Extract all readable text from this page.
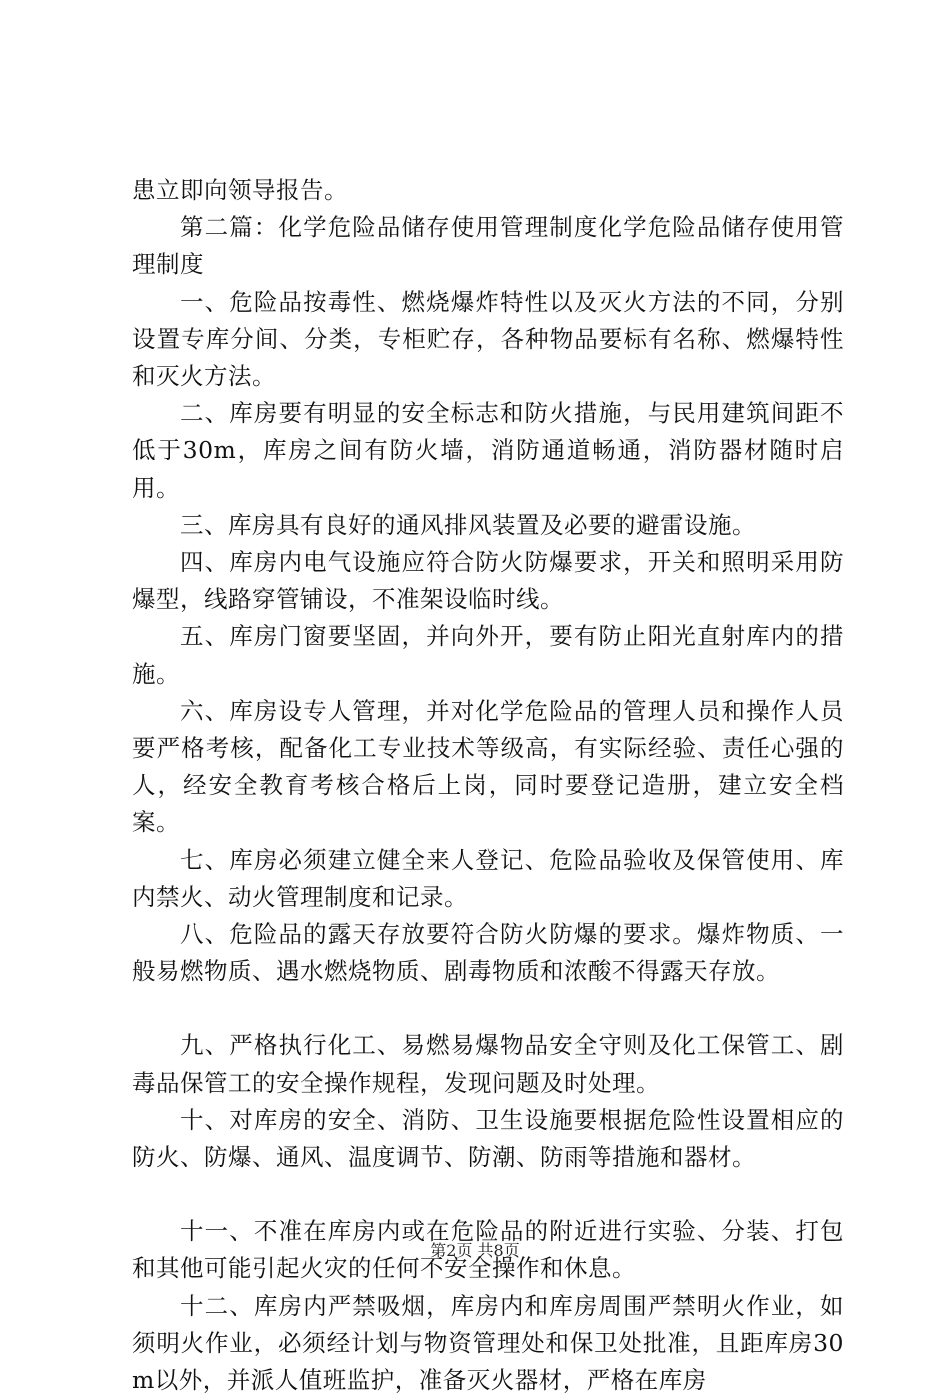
患立即向领导报告。

第二篇：化学危险品储存使用管理制度化学危险品储存使用管理制度

一、危险品按毒性、燃烧爆炸特性以及灭火方法的不同，分别设置专库分间、分类，专柜贮存，各种物品要标有名称、燃爆特性和灭火方法。

二、库房要有明显的安全标志和防火措施，与民用建筑间距不低于30m，库房之间有防火墙，消防通道畅通，消防器材随时启用。

三、库房具有良好的通风排风装置及必要的避雷设施。

四、库房内电气设施应符合防火防爆要求，开关和照明采用防爆型，线路穿管铺设，不准架设临时线。

五、库房门窗要坚固，并向外开，要有防止阳光直射库内的措施。

六、库房设专人管理，并对化学危险品的管理人员和操作人员要严格考核，配备化工专业技术等级高，有实际经验、责任心强的人，经安全教育考核合格后上岗，同时要登记造册，建立安全档案。

七、库房必须建立健全来人登记、危险品验收及保管使用、库内禁火、动火管理制度和记录。

八、危险品的露天存放要符合防火防爆的要求。爆炸物质、一般易燃物质、遇水燃烧物质、剧毒物质和浓酸不得露天存放。

九、严格执行化工、易燃易爆物品安全守则及化工保管工、剧毒品保管工的安全操作规程，发现问题及时处理。

十、对库房的安全、消防、卫生设施要根据危险性设置相应的防火、防爆、通风、温度调节、防潮、防雨等措施和器材。

十一、不准在库房内或在危险品的附近进行实验、分装、打包和其他可能引起火灾的任何不安全操作和休息。

十二、库房内严禁吸烟，库房内和库房周围严禁明火作业，如须明火作业，必须经计划与物资管理处和保卫处批准，且距库房30m以外，并派人值班监护，准备灭火器材，严格在库房

第2页 共8页
